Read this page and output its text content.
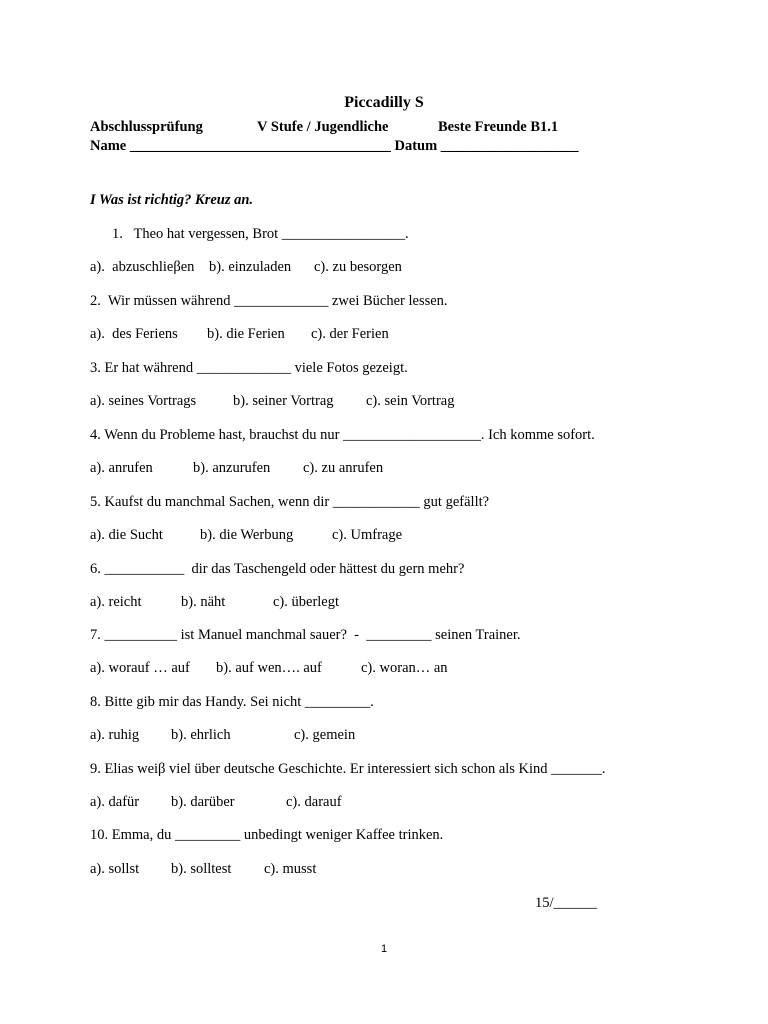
Piccadilly S
Abschlussprüfung	V Stufe / Jugendliche	Beste Freunde B1.1
Name ____________________________________ Datum ___________________
I Was ist richtig? Kreuz an.
1.   Theo hat vergessen, Brot _________________.
a).  abzuschlieβen b). einzuladen c). zu besorgen
2.  Wir müssen während _____________ zwei Bücher lessen.
a).  des Feriens b). die Ferien c). der Ferien
3. Er hat während _____________ viele Fotos gezeigt.
a). seines Vortrags	b). seiner Vortrag c). sein Vortrag
4. Wenn du Probleme hast, brauchst du nur ___________________. Ich komme sofort.
a). anrufen	b). anzurufen c). zu anrufen
5. Kaufst du manchmal Sachen, wenn dir ____________ gut gefällt?
a). die Sucht	b). die Werbung	c). Umfrage
6. ___________  dir das Taschengeld oder hättest du gern mehr?
a). reicht	b). näht	c). überlegt
7. __________ ist Manuel manchmal sauer?  -  _________ seinen Trainer.
a). worauf … auf b). auf wen…. auf	c). woran… an
8. Bitte gib mir das Handy. Sei nicht _________.
a). ruhig b). ehrlich	c). gemein
9. Elias weiβ viel über deutsche Geschichte. Er interessiert sich schon als Kind _______.
a). dafür b). darüber	c). darauf
10. Emma, du _________ unbedingt weniger Kaffee trinken.
a). sollst b). solltest c). musst
15/______
1
